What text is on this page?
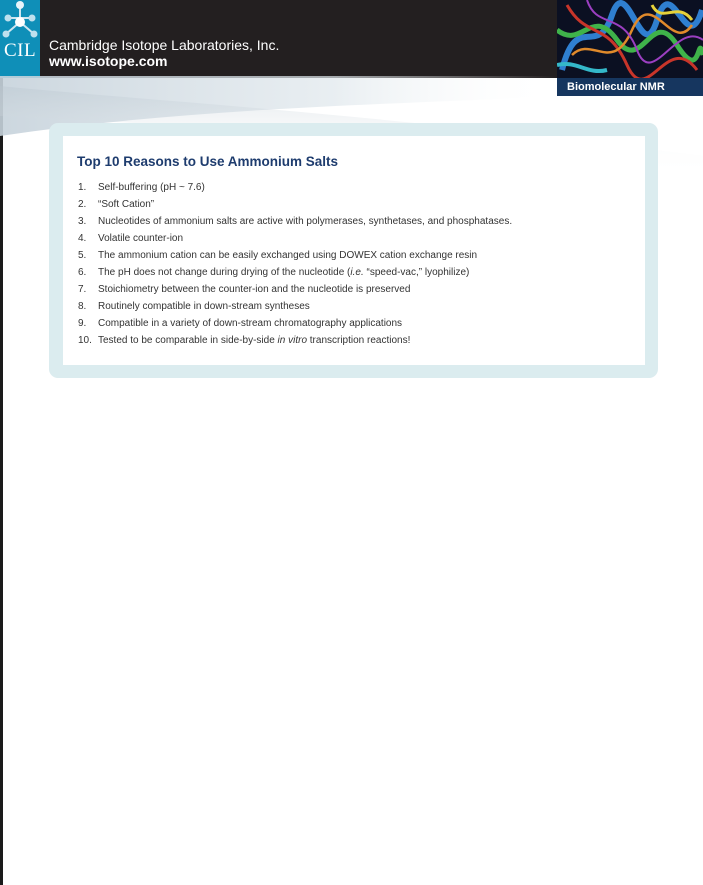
CIL Cambridge Isotope Laboratories, Inc.
www.isotope.com
Biomolecular NMR
Top 10 Reasons to Use Ammonium Salts
1. Self-buffering (pH ~ 7.6)
2. “Soft Cation”
3. Nucleotides of ammonium salts are active with polymerases, synthetases, and phosphatases.
4. Volatile counter-ion
5. The ammonium cation can be easily exchanged using DOWEX cation exchange resin
6. The pH does not change during drying of the nucleotide (i.e. “speed-vac,” lyophilize)
7. Stoichiometry between the counter-ion and the nucleotide is preserved
8. Routinely compatible in down-stream syntheses
9. Compatible in a variety of down-stream chromatography applications
10. Tested to be comparable in side-by-side in vitro transcription reactions!
